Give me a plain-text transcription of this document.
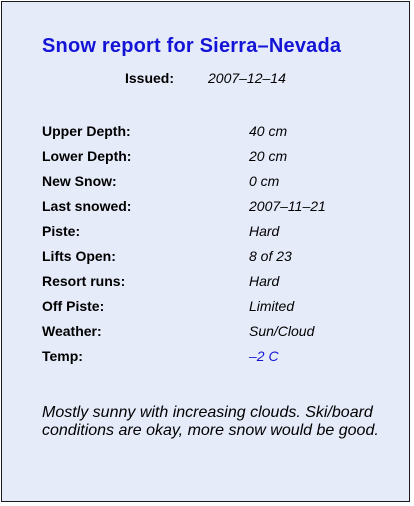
Snow report for Sierra–Nevada
Issued: 2007–12–14
Upper Depth:	40 cm
Lower Depth:	20 cm
New Snow:	0 cm
Last snowed:	2007–11–21
Piste:	Hard
Lifts Open:	8 of 23
Resort runs:	Hard
Off Piste:	Limited
Weather:	Sun/Cloud
Temp:	–2 C
Mostly sunny with increasing clouds. Ski/board conditions are okay, more snow would be good.
